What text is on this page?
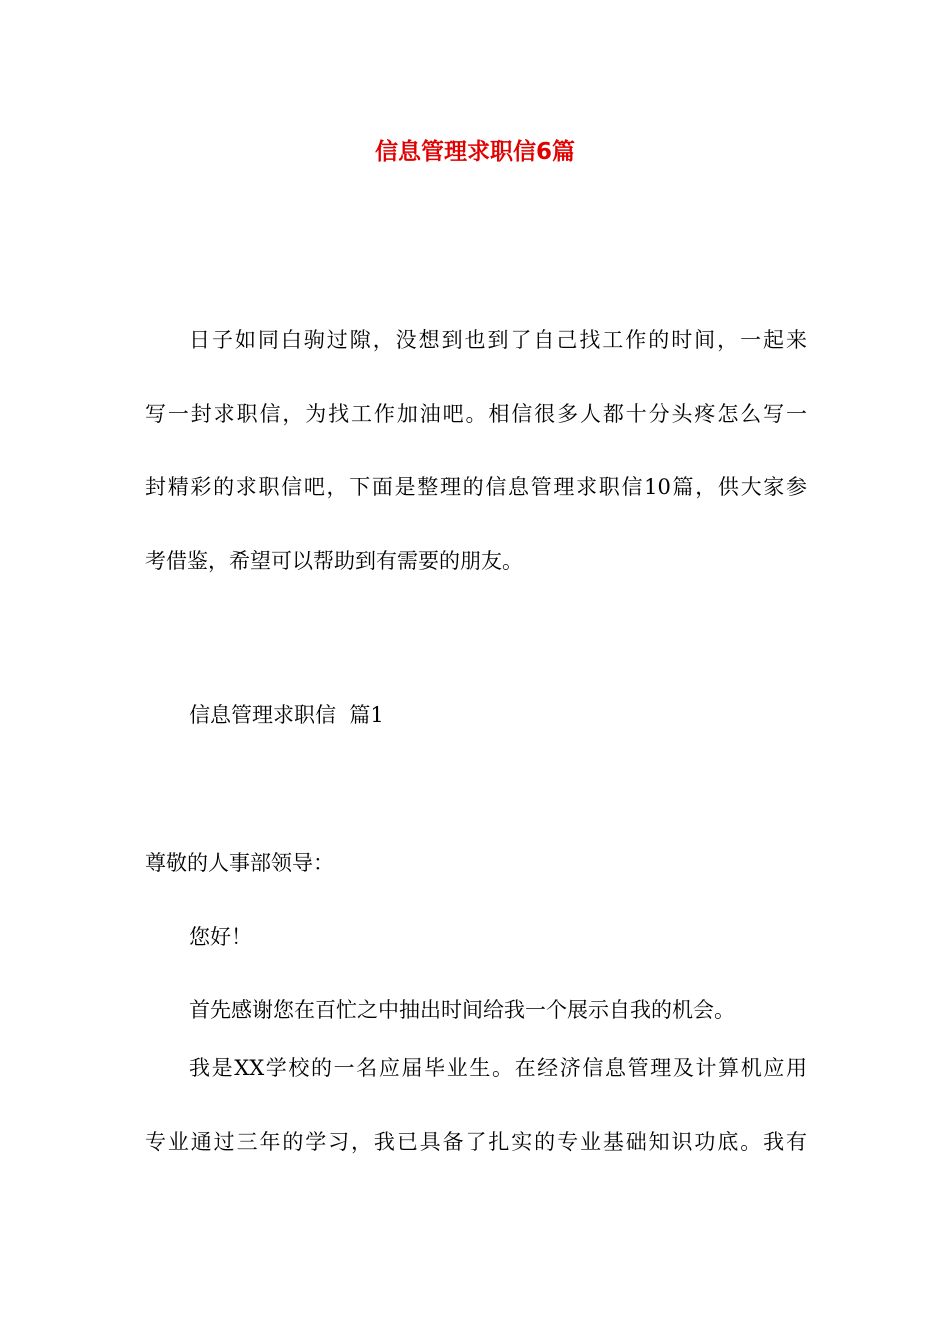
信息管理求职信6篇
日子如同白驹过隙，没想到也到了自己找工作的时间，一起来
写一封求职信，为找工作加油吧。相信很多人都十分头疼怎么写一
封精彩的求职信吧，下面是整理的信息管理求职信10篇，供大家参
考借鉴，希望可以帮助到有需要的朋友。
信息管理求职信  篇1
尊敬的人事部领导：
您好！
首先感谢您在百忙之中抽出时间给我一个展示自我的机会。
我是XX学校的一名应届毕业生。在经济信息管理及计算机应用
专业通过三年的学习，我已具备了扎实的专业基础知识功底。我有
